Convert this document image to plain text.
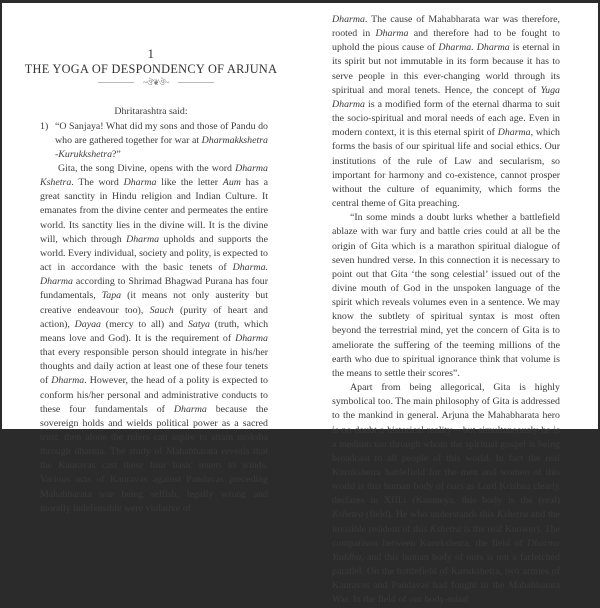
1
THE YOGA OF DESPONDENCY OF ARJUNA
~ঔ❦ঔ~
Dhritarashtra said:
1) “O Sanjaya! What did my sons and those of Pandu do who are gathered together for war at Dharmakkshetra -Kurukkshetra?”

Gita, the song Divine, opens with the word Dharma Kshetra. The word Dharma like the letter Aum has a great sanctity in Hindu religion and Indian Culture. It emanates from the divine center and permeates the entire world. Its sanctity lies in the divine will. It is the divine will, which through Dharma upholds and supports the world. Every individual, society and polity, is expected to act in accordance with the basic tenets of Dharma. Dharma according to Shrimad Bhagwad Purana has four fundamentals, Tapa (it means not only austerity but creative endeavour too), Sauch (purity of heart and action), Dayaa (mercy to all) and Satya (truth, which means love and God). It is the requirement of Dharma that every responsible person should integrate in his/her thoughts and daily action at least one of these four tenets of Dharma. However, the head of a polity is expected to conform his/her personal and administrative conducts to these four fundamentals of Dharma because the sovereign holds and wields political power as a sacred trust, then alone the rulers can aspire to attain moksha through dharma. The study of Mahabharata reveals that the Kauravas cast these four basic tenets to winds. Various acts of Kauravas against Pandavas preceding Mahabharata war being selfish, legally wrong and morally indefensible were violative of

Dharma. The cause of Mahabharata war was therefore, rooted in Dharma and therefore had to be fought to uphold the pious cause of Dharma. Dharma is eternal in its spirit but not immutable in its form because it has to serve people in this ever-changing world through its spiritual and moral tenets. Hence, the concept of Yuga Dharma is a modified form of the eternal dharma to suit the socio-spiritual and moral needs of each age. Even in modern context, it is this eternal spirit of Dharma, which forms the basis of our spiritual life and social ethics. Our institutions of the rule of Law and secularism, so important for harmony and co-existence, cannot prosper without the culture of equanimity, which forms the central theme of Gita preaching.

“In some minds a doubt lurks whether a battlefield ablaze with war fury and battle cries could at all be the origin of Gita which is a marathon spiritual dialogue of seven hundred verse. In this connection it is necessary to point out that Gita ‘the song celestial’ issued out of the divine mouth of God in the unspoken language of the spirit which reveals volumes even in a sentence. We may know the subtlety of spiritual syntax is most often beyond the terrestrial mind, yet the concern of Gita is to ameliorate the suffering of the teeming millions of the earth who due to spiritual ignorance think that volume is the means to settle their scores”.

Apart from being allegorical, Gita is highly symbolical too. The main philosophy of Gita is addressed to the mankind in general. Arjuna the Mahabharata hero is no doubt a historical reality – but simultaneously he is a medium too through whom the spiritual gospel is being broadcast to all people of this world. In fact the real Kurukshetra battlefield for the men and women of this world is this human body of ours as Lord Krishna clearly declares in XIII.i (Kaunteya, this body is the (real) Kshetra (field). He who understands this Kshetra and the invisible resident of this Kshetra is the real Knower). The comparison between Kurukshetra, the field of Dharma Yuddha, and this human body of ours is not a farfetched parallel. On the battlefield of Kurukshetra, two armies of Kauravas and Pandavas had fought in the Mahabharata War. In the field of our body-mind
